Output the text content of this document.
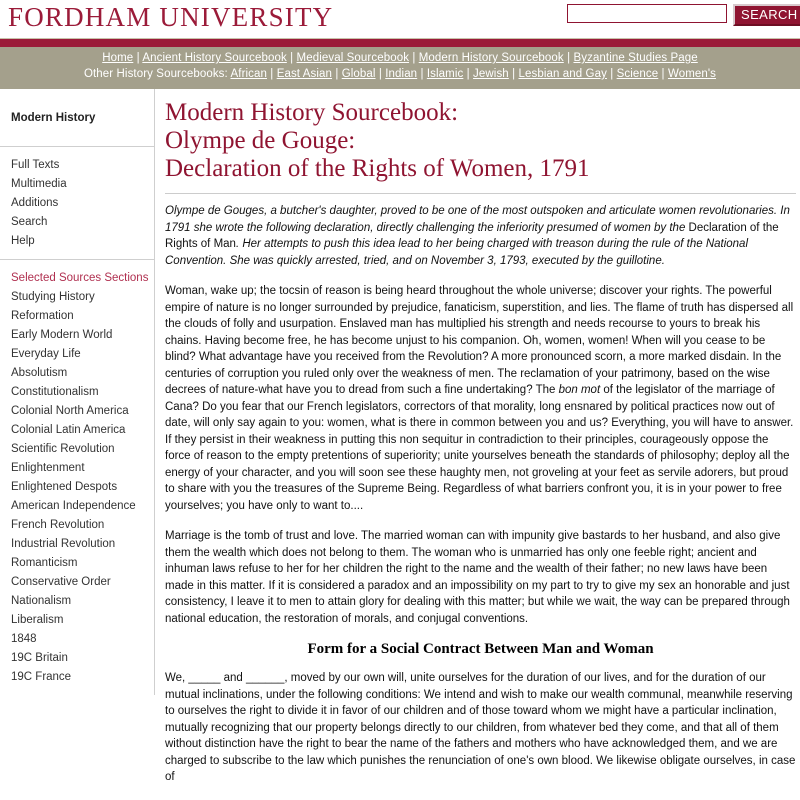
FORDHAM UNIVERSITY	SEARCH
Home | Ancient History Sourcebook | Medieval Sourcebook | Modern History Sourcebook | Byzantine Studies Page
Other History Sourcebooks: African | East Asian | Global | Indian | Islamic | Jewish | Lesbian and Gay | Science | Women's
Modern History
Full Texts
Multimedia
Additions
Search
Help
Selected Sources Sections
Studying History
Reformation
Early Modern World
Everyday Life
Absolutism
Constitutionalism
Colonial North America
Colonial Latin America
Scientific Revolution
Enlightenment
Enlightened Despots
American Independence
French Revolution
Industrial Revolution
Romanticism
Conservative Order
Nationalism
Liberalism
1848
19C Britain
19C France
Modern History Sourcebook:
Olympe de Gouge:
Declaration of the Rights of Women, 1791

Olympe de Gouges, a butcher's daughter, proved to be one of the most outspoken and articulate women revolutionaries. In 1791 she wrote the following declaration, directly challenging the inferiority presumed of women by the Declaration of the Rights of Man. Her attempts to push this idea lead to her being charged with treason during the rule of the National Convention. She was quickly arrested, tried, and on November 3, 1793, executed by the guillotine.

Woman, wake up; the tocsin of reason is being heard throughout the whole universe; discover your rights. The powerful empire of nature is no longer surrounded by prejudice, fanaticism, superstition, and lies. The flame of truth has dispersed all the clouds of folly and usurpation. Enslaved man has multiplied his strength and needs recourse to yours to break his chains. Having become free, he has become unjust to his companion. Oh, women, women! When will you cease to be blind? What advantage have you received from the Revolution? A more pronounced scorn, a more marked disdain. In the centuries of corruption you ruled only over the weakness of men. The reclamation of your patrimony, based on the wise decrees of nature-what have you to dread from such a fine undertaking? The bon mot of the legislator of the marriage of Cana? Do you fear that our French legislators, correctors of that morality, long ensnared by political practices now out of date, will only say again to you: women, what is there in common between you and us? Everything, you will have to answer. If they persist in their weakness in putting this non sequitur in contradiction to their principles, courageously oppose the force of reason to the empty pretentions of superiority; unite yourselves beneath the standards of philosophy; deploy all the energy of your character, and you will soon see these haughty men, not groveling at your feet as servile adorers, but proud to share with you the treasures of the Supreme Being. Regardless of what barriers confront you, it is in your power to free yourselves; you have only to want to....

Marriage is the tomb of trust and love. The married woman can with impunity give bastards to her husband, and also give them the wealth which does not belong to them. The woman who is unmarried has only one feeble right; ancient and inhuman laws refuse to her for her children the right to the name and the wealth of their father; no new laws have been made in this matter. If it is considered a paradox and an impossibility on my part to try to give my sex an honorable and just consistency, I leave it to men to attain glory for dealing with this matter; but while we wait, the way can be prepared through national education, the restoration of morals, and conjugal conventions.

Form for a Social Contract Between Man and Woman

We, _____ and ______, moved by our own will, unite ourselves for the duration of our lives, and for the duration of our mutual inclinations, under the following conditions: We intend and wish to make our wealth communal, meanwhile reserving to ourselves the right to divide it in favor of our children and of those toward whom we might have a particular inclination, mutually recognizing that our property belongs directly to our children, from whatever bed they come, and that all of them without distinction have the right to bear the name of the fathers and mothers who have acknowledged them, and we are charged to subscribe to the law which punishes the renunciation of one's own blood. We likewise obligate ourselves, in case of
